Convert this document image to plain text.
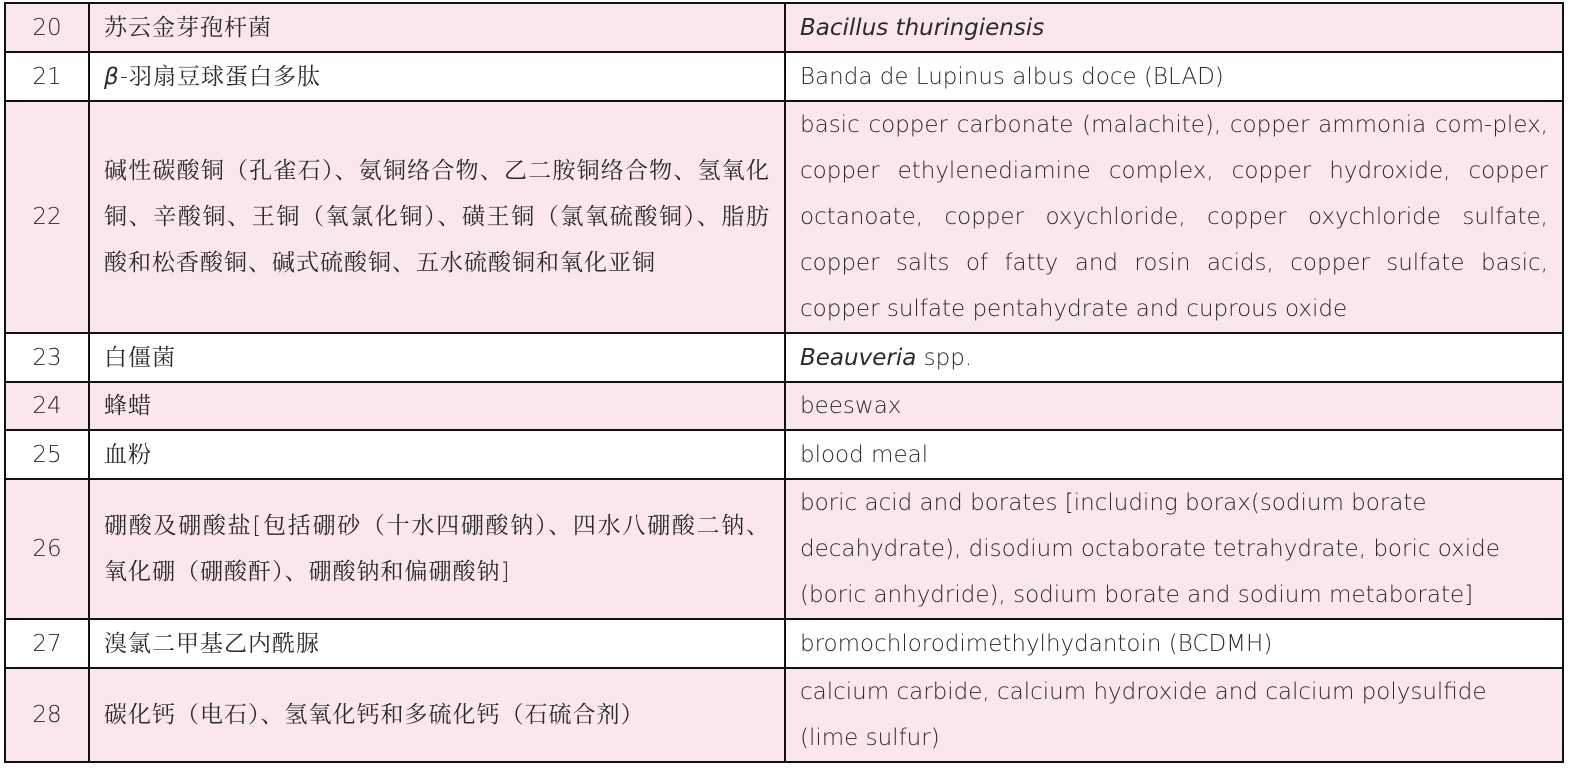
20	苏云金芽孢杆菌	Bacillus thuringiensis
21	β-羽扇豆球蛋白多肽	Banda de Lupinus albus doce (BLAD)
22	碱性碳酸铜（孔雀石）、氨铜络合物、乙二胺铜络合物、氢氧化铜、辛酸铜、王铜（氧氯化铜）、磺王铜（氯氧硫酸铜）、脂肪酸和松香酸铜、碱式硫酸铜、五水硫酸铜和氧化亚铜	basic copper carbonate (malachite), copper ammonia com-plex, copper ethylenediamine complex, copper hydroxide, copper octanoate, copper oxychloride, copper oxychloride sulfate, copper salts of fatty and rosin acids, copper sulfate basic, copper sulfate pentahydrate and cuprous oxide
23	白僵菌	Beauveria spp.
24	蜂蜡	beeswax
25	血粉	blood meal
26	硼酸及硼酸盐[包括硼砂（十水四硼酸钠）、四水八硼酸二钠、氧化硼（硼酸酐）、硼酸钠和偏硼酸钠]	boric acid and borates [including borax(sodium borate decahydrate), disodium octaborate tetrahydrate, boric oxide (boric anhydride), sodium borate and sodium metaborate]
27	溴氯二甲基乙内酰脲	bromochlorodimethylhydantoin (BCDMH)
28	碳化钙（电石）、氢氧化钙和多硫化钙（石硫合剂）	calcium carbide, calcium hydroxide and calcium polysulfide (lime sulfur)
